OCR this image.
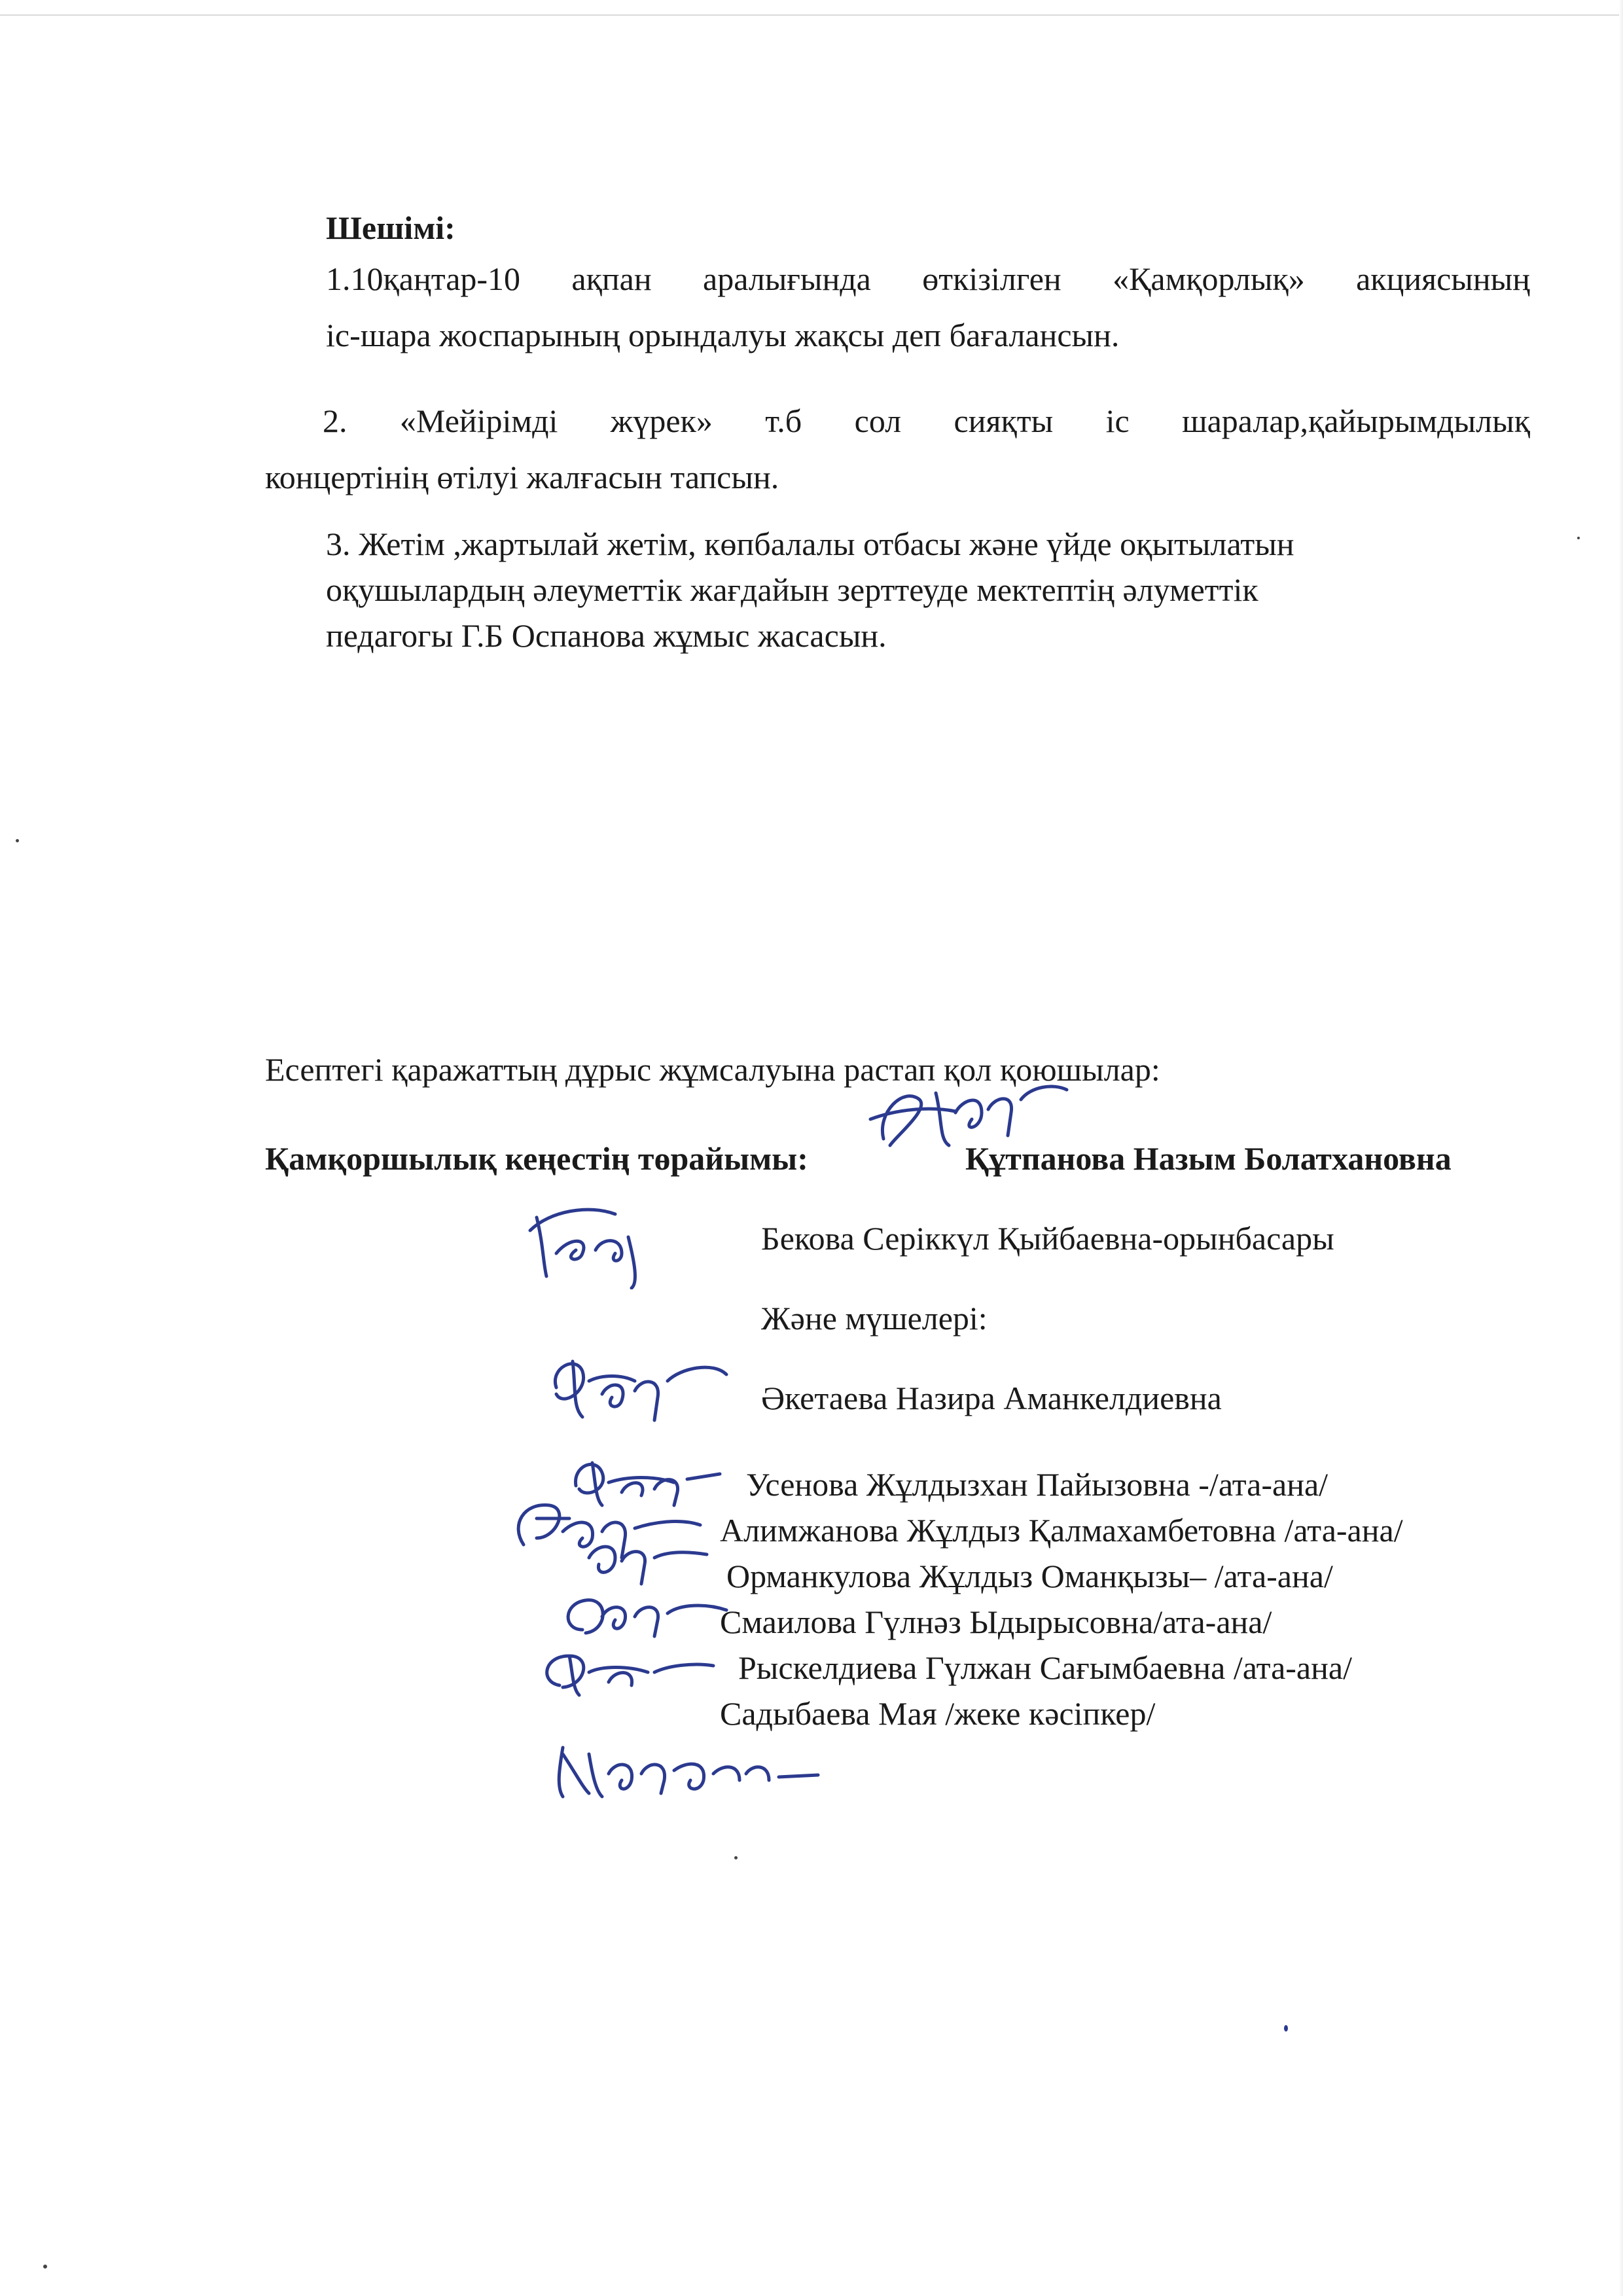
Шешімі:

1.10қаңтар-10 ақпан аралығында өткізілген «Қамқорлық» акциясының
іс-шара жоспарының орындалуы жақсы деп бағалансын.

2. «Мейірімді жүрек» т.б сол сияқты іс шаралар,қайырымдылық
концертінің өтілуі жалғасын тапсын.

3. Жетім ,жартылай жетім, көпбалалы отбасы және үйде оқытылатын
оқушылардың әлеуметтік жағдайын зерттеуде мектептің әлуметтік
педагогы Г.Б Оспанова жұмыс жасасын.

Есептегі қаражаттың дұрыс жұмсалуына растап қол қоюшылар:

Қамқоршылық кеңестің төрайымы:	Құтпанова Назым Болатхановна

Бекова Серіккүл Қыйбаевна-орынбасары

Және мүшелері:

Әкетаева Назира Аманкелдиевна

Усенова Жұлдызхан Пайызовна -/ата-ана/

Алимжанова Жұлдыз Қалмахамбетовна /ата-ана/

Орманкулова Жұлдыз Оманқызы– /ата-ана/

Смаилова Гүлнәз Ыдырысовна/ата-ана/

Рыскелдиева Гүлжан Сағымбаевна /ата-ана/

Садыбаева Мая /жеке кәсіпкер/
